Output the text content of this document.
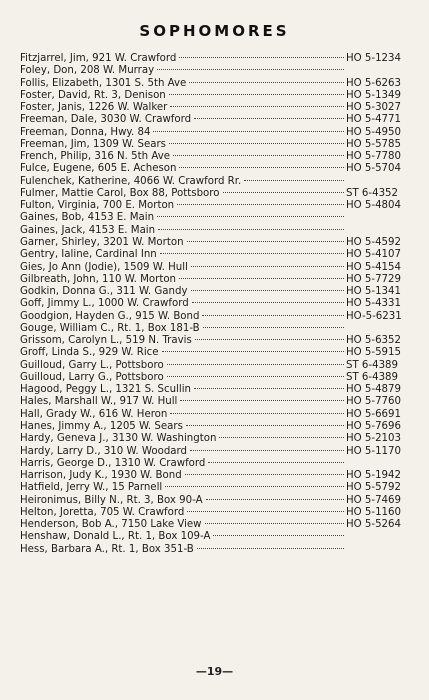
SOPHOMORES
Fitzjarrel, Jim, 921 W. Crawford	HO 5-1234
Foley, Don, 208 W. Murray
Follis, Elizabeth, 1301 S. 5th Ave	HO 5-6263
Foster, David, Rt. 3, Denison	HO 5-1349
Foster, Janis, 1226 W. Walker	HO 5-3027
Freeman, Dale, 3030 W. Crawford	HO 5-4771
Freeman, Donna, Hwy. 84	HO 5-4950
Freeman, Jim, 1309 W. Sears	HO 5-5785
French, Philip, 316 N. 5th Ave	HO 5-7780
Fulce, Eugene, 605 E. Acheson	HO 5-5704
Fulenchek, Katherine, 4066 W. Crawford Rr.
Fulmer, Mattie Carol, Box 88, Pottsboro	ST 6-4352
Fulton, Virginia, 700 E. Morton	HO 5-4804
Gaines, Bob, 4153 E. Main
Gaines, Jack, 4153 E. Main
Garner, Shirley, 3201 W. Morton	HO 5-4592
Gentry, Ialine, Cardinal Inn	HO 5-4107
Gies, Jo Ann (Jodie), 1509 W. Hull	HO 5-4154
Gilbreath, John, 110 W. Morton	HO 5-7729
Godkin, Donna G., 311 W. Gandy	HO 5-1341
Goff, Jimmy L., 1000 W. Crawford	HO 5-4331
Goodgion, Hayden G., 915 W. Bond	HO-5-6231
Gouge, William C., Rt. 1, Box 181-B
Grissom, Carolyn L., 519 N. Travis	HO 5-6352
Groff, Linda S., 929 W. Rice	HO 5-5915
Guilloud, Garry L., Pottsboro	ST 6-4389
Guilloud, Larry G., Pottsboro	ST 6-4389
Hagood, Peggy L., 1321 S. Scullin	HO 5-4879
Hales, Marshall W., 917 W. Hull	HO 5-7760
Hall, Grady W., 616 W. Heron	HO 5-6691
Hanes, Jimmy A., 1205 W. Sears	HO 5-7696
Hardy, Geneva J., 3130 W. Washington	HO 5-2103
Hardy, Larry D., 310 W. Woodard	HO 5-1170
Harris, George D., 1310 W. Crawford
Harrison, Judy K., 1930 W. Bond	HO 5-1942
Hatfield, Jerry W., 15 Parnell	HO 5-5792
Heironimus, Billy N., Rt. 3, Box 90-A	HO 5-7469
Helton, Joretta, 705 W. Crawford	HO 5-1160
Henderson, Bob A., 7150 Lake View	HO 5-5264
Henshaw, Donald L., Rt. 1, Box 109-A
Hess, Barbara A., Rt. 1, Box 351-B
—19—
